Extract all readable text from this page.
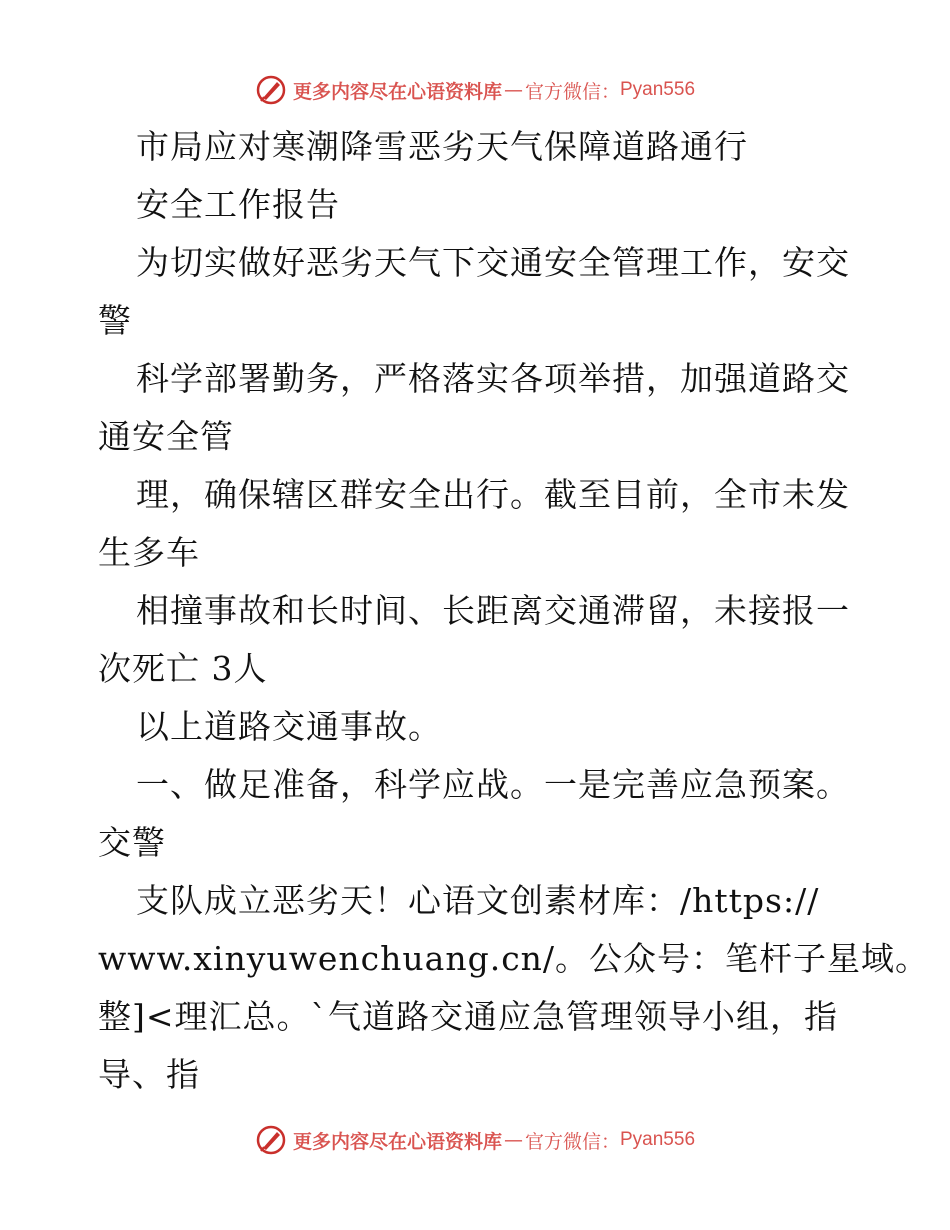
更多内容尽在心语资料库 — 官方微信： Pyan556
市局应对寒潮降雪恶劣天气保障道路通行
安全工作报告
为切实做好恶劣天气下交通安全管理工作，安交
警
科学部署勤务，严格落实各项举措，加强道路交
通安全管
理，确保辖区群安全出行。截至目前，全市未发
生多车
相撞事故和长时间、长距离交通滞留，未接报一
次死亡 3人
以上道路交通事故。
一、做足准备，科学应战。一是完善应急预案。
交警
支队成立恶劣天！心语文创素材库：/https://
www.xinyuwenchuang.cn/。公众号：笔杆子星域。
整]<理汇总。`气道路交通应急管理领导小组，指
导、指
更多内容尽在心语资料库 — 官方微信： Pyan556
